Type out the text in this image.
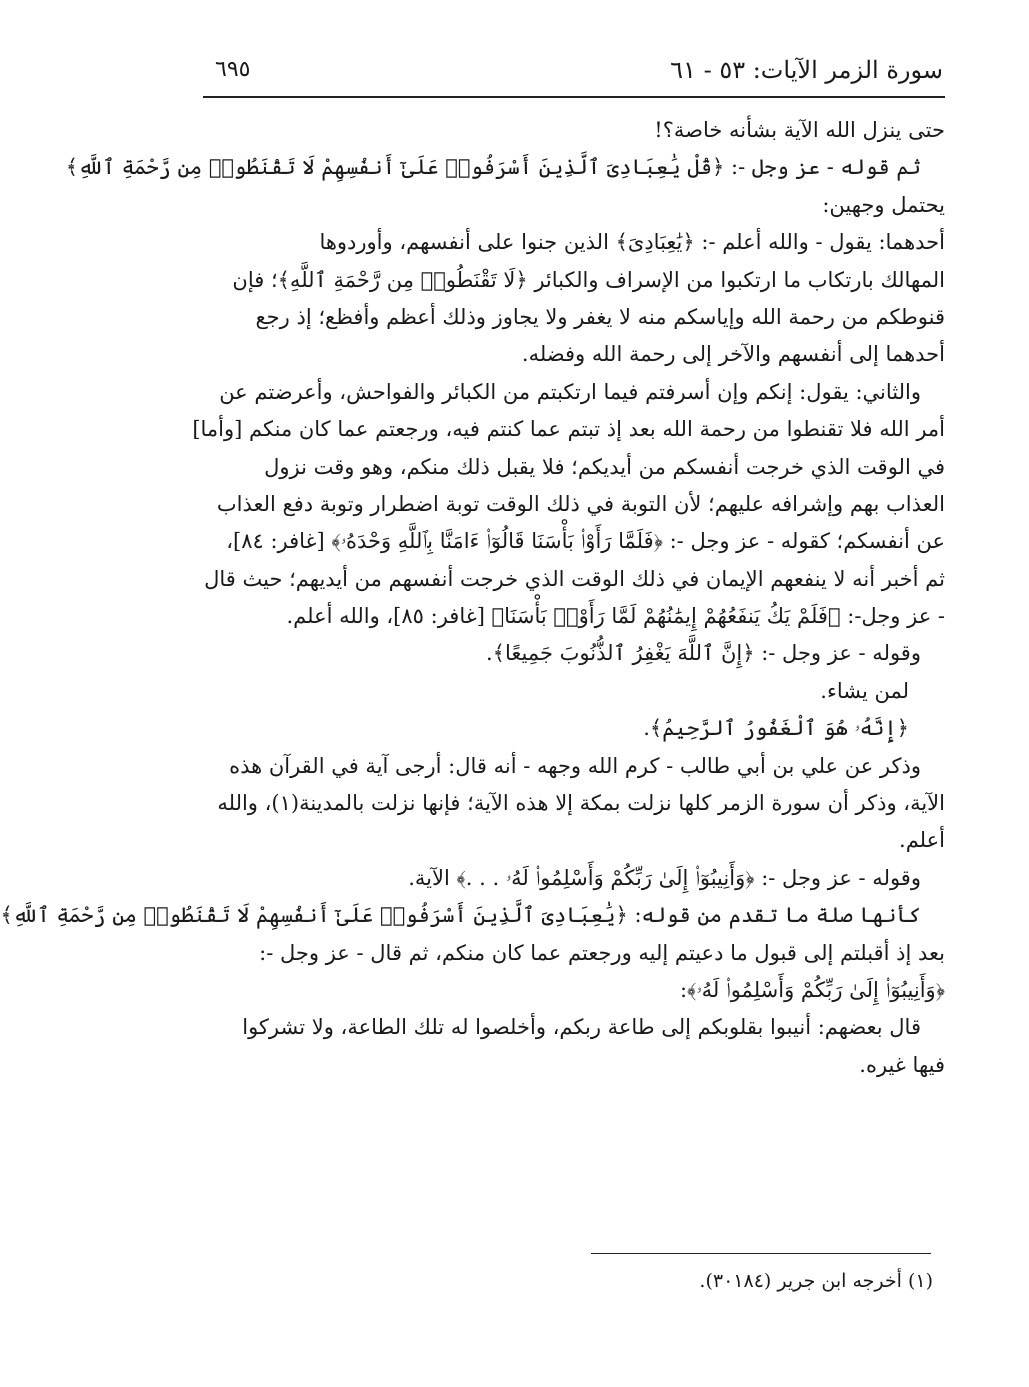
سورة الزمر الآيات: ٥٣ - ٦١
٦٩٥
حتى ينزل الله الآية بشأنه خاصة؟!
ثم قوله - عز وجل -: ﴿قُلْ يَٰعِبَادِىَ ٱلَّذِينَ أَسْرَفُوا۟ عَلَىٰٓ أَنفُسِهِمْ لَا تَقْنَطُوا۟ مِن رَّحْمَةِ ٱللَّهِ﴾
يحتمل وجهين:
أحدهما: يقول - والله أعلم -: ﴿يَٰعِبَادِىَ﴾ الذين جنوا على أنفسهم، وأوردوها
المهالك بارتكاب ما ارتكبوا من الإسراف والكبائر ﴿لَا تَقْنَطُوا۟ مِن رَّحْمَةِ ٱللَّهِ﴾؛ فإن
قنوطكم من رحمة الله وإياسكم منه لا يغفر ولا يجاوز وذلك أعظم وأفظع؛ إذ رجع
أحدهما إلى أنفسهم والآخر إلى رحمة الله وفضله.
والثاني: يقول: إنكم وإن أسرفتم فيما ارتكبتم من الكبائر والفواحش، وأعرضتم عن
أمر الله فلا تقنطوا من رحمة الله بعد إذ تبتم عما كنتم فيه، ورجعتم عما كان منكم [وأما]
في الوقت الذي خرجت أنفسكم من أيديكم؛ فلا يقبل ذلك منكم، وهو وقت نزول
العذاب بهم وإشرافه عليهم؛ لأن التوبة في ذلك الوقت توبة اضطرار وتوبة دفع العذاب
عن أنفسكم؛ كقوله - عز وجل -: ﴿فَلَمَّا رَأَوْا۟ بَأْسَنَا قَالُوٓا۟ ءَامَنَّا بِٱللَّهِ وَحْدَهُۥ﴾ [غافر: ٨٤]،
ثم أخبر أنه لا ينفعهم الإيمان في ذلك الوقت الذي خرجت أنفسهم من أيديهم؛ حيث قال
- عز وجل-: ﴿فَلَمْ يَكُ يَنفَعُهُمْ إِيمَٰنُهُمْ لَمَّا رَأَوْا۟ بَأْسَنَا﴾ [غافر: ٨٥]، والله أعلم.
وقوله - عز وجل -: ﴿إِنَّ ٱللَّهَ يَغْفِرُ ٱلذُّنُوبَ جَمِيعًا﴾.
لمن يشاء.
﴿إِنَّهُۥ هُوَ ٱلْغَفُورُ ٱلرَّحِيمُ﴾.
وذكر عن علي بن أبي طالب - كرم الله وجهه - أنه قال: أرجى آية في القرآن هذه
الآية، وذكر أن سورة الزمر كلها نزلت بمكة إلا هذه الآية؛ فإنها نزلت بالمدينة(١)، والله
أعلم.
وقوله - عز وجل -: ﴿وَأَنِيبُوٓا۟ إِلَىٰ رَبِّكُمْ وَأَسْلِمُوا۟ لَهُۥ . . .﴾ الآية.
كأنها صلة ما تقدم من قوله: ﴿يَٰعِبَادِىَ ٱلَّذِينَ أَسْرَفُوا۟ عَلَىٰٓ أَنفُسِهِمْ لَا تَقْنَطُوا۟ مِن رَّحْمَةِ ٱللَّهِ﴾
بعد إذ أقبلتم إلى قبول ما دعيتم إليه ورجعتم عما كان منكم، ثم قال - عز وجل -:
﴿وَأَنِيبُوٓا۟ إِلَىٰ رَبِّكُمْ وَأَسْلِمُوا۟ لَهُۥ﴾:
قال بعضهم: أنيبوا بقلوبكم إلى طاعة ربكم، وأخلصوا له تلك الطاعة، ولا تشركوا
فيها غيره.
(١) أخرجه ابن جرير (٣٠١٨٤).
